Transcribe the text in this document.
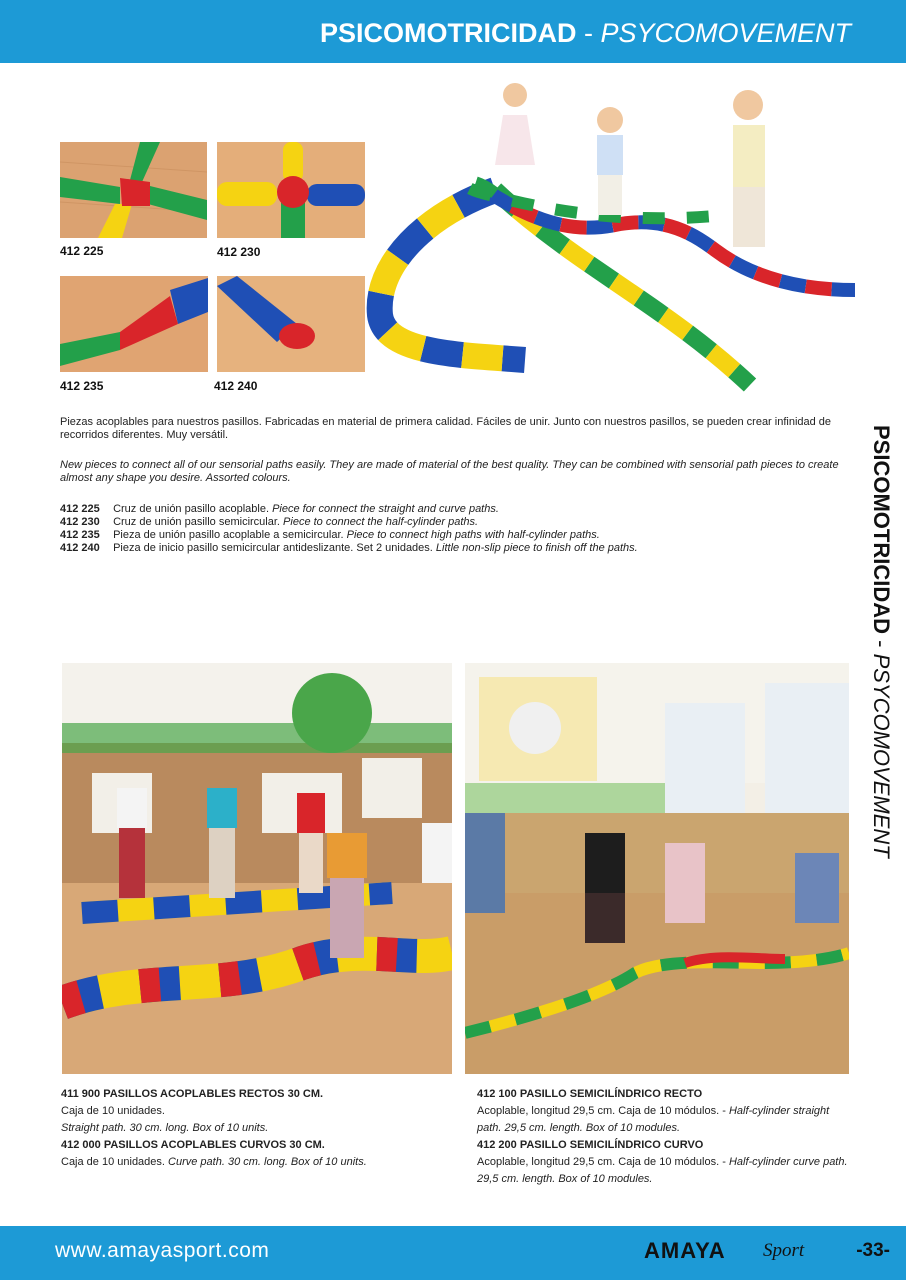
PSICOMOTRICIDAD - PSYCOMOVEMENT
412 225	412 230
412 235	412 240
Piezas acoplables para nuestros pasillos. Fabricadas en material de primera calidad. Fáciles de unir. Junto con nuestros pasillos, se pueden crear infinidad de recorridos diferentes. Muy versátil.
New pieces to connect all of our sensorial paths easily. They are made of material of the best quality. They can be combined with sensorial path pieces to create almost any shape you desire. Assorted colours.
412 225 Cruz de unión pasillo acoplable. Piece for connect the straight and curve paths.
412 230 Cruz de unión pasillo semicircular. Piece to connect the half-cylinder paths.
412 235 Pieza de unión pasillo acoplable a semicircular. Piece to connect high paths with half-cylinder paths.
412 240 Pieza de inicio pasillo semicircular antideslizante. Set 2 unidades. Little non-slip piece to finish off the paths.	PSICOMOTRICIDAD - PSYCOMOVEMENT
411 900 PASILLOS ACOPLABLES RECTOS 30 CM.
Caja de 10 unidades.
Straight path. 30 cm. long. Box of 10 units.
412 000 PASILLOS ACOPLABLES CURVOS 30 CM.
Caja de 10 unidades. Curve path. 30 cm. long. Box of 10 units.
412 100 PASILLO SEMICILÍNDRICO RECTO
Acoplable, longitud 29,5 cm. Caja de 10 módulos. - Half-cylinder straight path. 29,5 cm. length. Box of 10 modules.
412 200 PASILLO SEMICILÍNDRICO CURVO
Acoplable, longitud 29,5 cm. Caja de 10 módulos. - Half-cylinder curve path. 29,5 cm. length. Box of 10 modules.
www.amayasport.com	AMAYA Sport	-33-
